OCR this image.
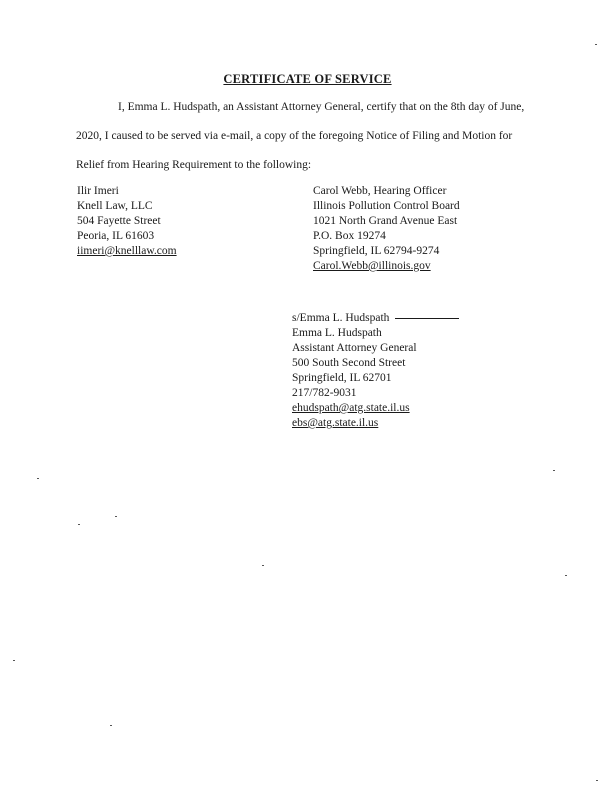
CERTIFICATE OF SERVICE
I, Emma L. Hudspath, an Assistant Attorney General, certify that on the 8th day of June,
2020, I caused to be served via e-mail, a copy of the foregoing Notice of Filing and Motion for
Relief from Hearing Requirement to the following:
Ilir Imeri
Knell Law, LLC
504 Fayette Street
Peoria, IL 61603
iimeri@knelllaw.com
Carol Webb, Hearing Officer
Illinois Pollution Control Board
1021 North Grand Avenue East
P.O. Box 19274
Springfield, IL 62794-9274
Carol.Webb@illinois.gov
s/Emma L. Hudspath
Emma L. Hudspath
Assistant Attorney General
500 South Second Street
Springfield, IL 62701
217/782-9031
ehudspath@atg.state.il.us
ebs@atg.state.il.us
